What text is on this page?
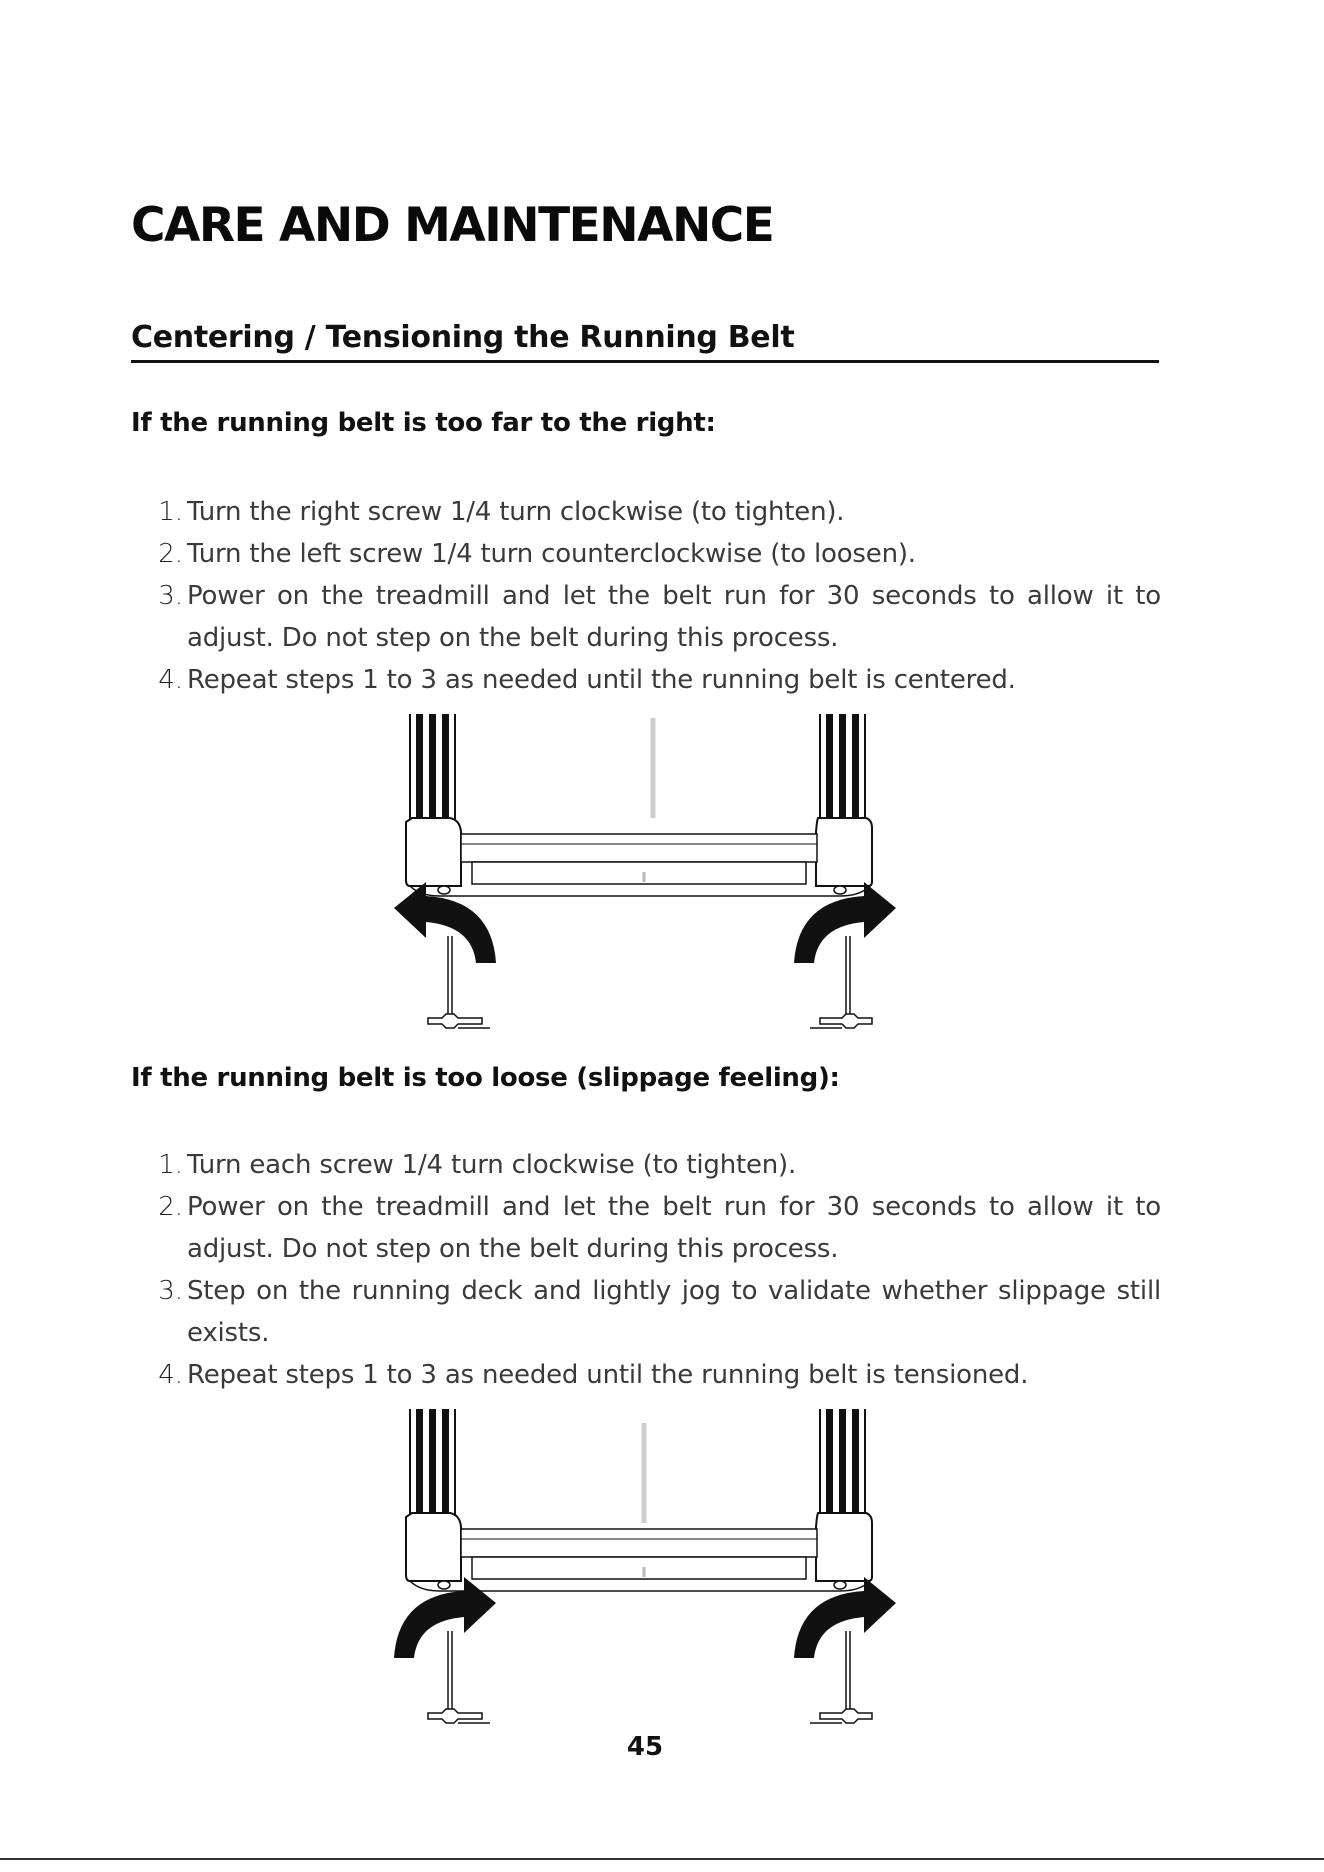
CARE AND MAINTENANCE
Centering / Tensioning the Running Belt
If the running belt is too far to the right:
1. Turn the right screw 1/4 turn clockwise (to tighten).
2. Turn the left screw 1/4 turn counterclockwise (to loosen).
3. Power on the treadmill and let the belt run for 30 seconds to allow it to adjust. Do not step on the belt during this process.
4. Repeat steps 1 to 3 as needed until the running belt is centered.
If the running belt is too loose (slippage feeling):
1. Turn each screw 1/4 turn clockwise (to tighten).
2. Power on the treadmill and let the belt run for 30 seconds to allow it to adjust. Do not step on the belt during this process.
3. Step on the running deck and lightly jog to validate whether slippage still exists.
4. Repeat steps 1 to 3 as needed until the running belt is tensioned.
45
